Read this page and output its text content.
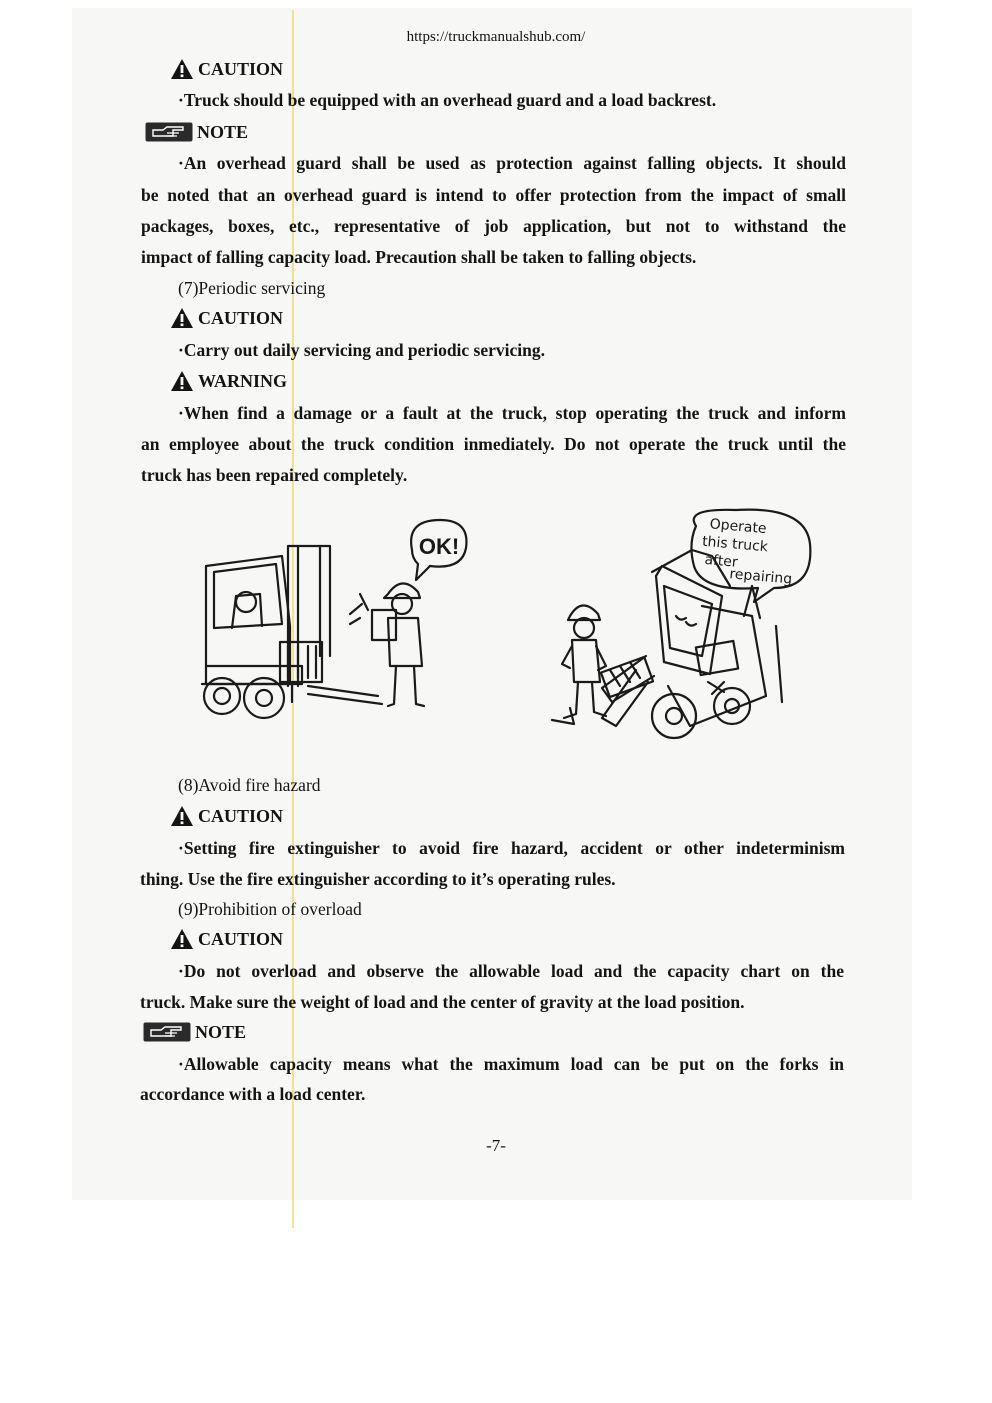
https://truckmanualshub.com/
CAUTION
·Truck should be equipped with an overhead guard and a load backrest.
NOTE
·An overhead guard shall be used as protection against falling objects. It should
be noted that an overhead guard is intend to offer protection from the impact of small
packages, boxes, etc., representative of job application, but not to withstand the
impact of falling capacity load. Precaution shall be taken to falling objects.
(7)Periodic servicing
CAUTION
·Carry out daily servicing and periodic servicing.
WARNING
·When find a damage or a fault at the truck, stop operating the truck and inform
an employee about the truck condition inmediately. Do not operate the truck until the
truck has been repaired completely.
OK!
Operate
this truck
after
repairing
(8)Avoid fire hazard
CAUTION
·Setting fire extinguisher to avoid fire hazard, accident or other indeterminism
thing. Use the fire extinguisher according to it’s operating rules.
(9)Prohibition of overload
CAUTION
·Do not overload and observe the allowable load and the capacity chart on the
truck. Make sure the weight of load and the center of gravity at the load position.
NOTE
·Allowable capacity means what the maximum load can be put on the forks in
accordance with a load center.
-7-
